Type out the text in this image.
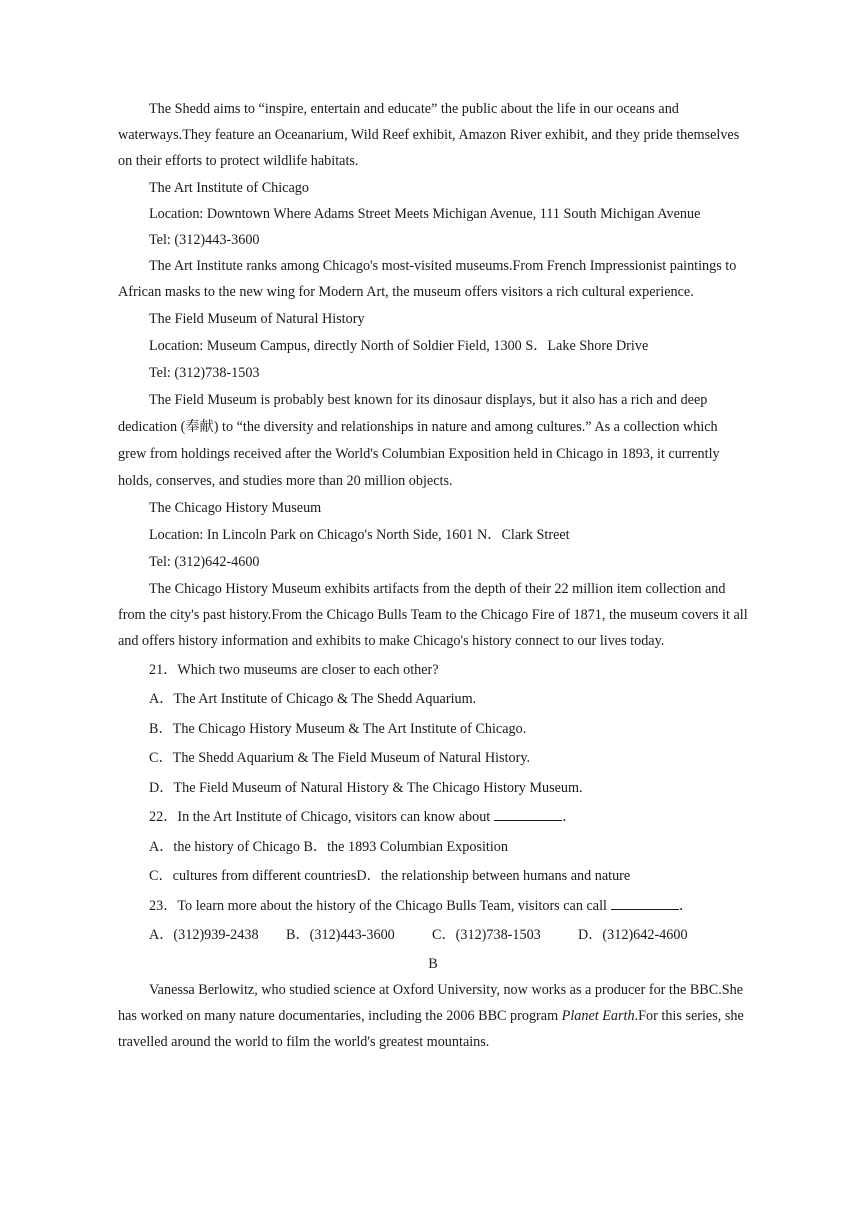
The Shedd aims to “inspire, entertain and educate” the public about the life in our oceans and waterways.They feature an Oceanarium, Wild Reef exhibit, Amazon River exhibit, and they pride themselves on their efforts to protect wildlife habitats.

The Art Institute of Chicago

Location: Downtown Where Adams Street Meets Michigan Avenue, 111 South Michigan Avenue

Tel: (312)443-3600

The Art Institute ranks among Chicago's most-visited museums.From French Impressionist paintings to African masks to the new wing for Modern Art, the museum offers visitors a rich cultural experience.

The Field Museum of Natural History

Location: Museum Campus, directly North of Soldier Field, 1300 S．Lake Shore Drive

Tel: (312)738-1503

The Field Museum is probably best known for its dinosaur displays, but it also has a rich and deep dedication (奉献) to “the diversity and relationships in nature and among cultures.” As a collection which grew from holdings received after the World's Columbian Exposition held in Chicago in 1893, it currently holds, conserves, and studies more than 20 million objects.

The Chicago History Museum

Location: In Lincoln Park on Chicago's North Side, 1601 N．Clark Street

Tel: (312)642-4600

The Chicago History Museum exhibits artifacts from the depth of their 22 million item collection and from the city's past history.From the Chicago Bulls Team to the Chicago Fire of 1871, the museum covers it all and offers history information and exhibits to make Chicago's history connect to our lives today.

21．Which two museums are closer to each other?

A．The Art Institute of Chicago & The Shedd Aquarium.

B．The Chicago History Museum & The Art Institute of Chicago.

C．The Shedd Aquarium & The Field Museum of Natural History.

D．The Field Museum of Natural History & The Chicago History Museum.

22．In the Art Institute of Chicago, visitors can know about	．

A．the history of Chicago B．the 1893 Columbian Exposition

C．cultures from different countriesD．the relationship between humans and nature

23．To learn more about the history of the Chicago Bulls Team, visitors can call	．

A．(312)939-2438	B．(312)443-3600	C．(312)738-1503	D．(312)642-4600

B

Vanessa Berlowitz, who studied science at Oxford University, now works as a producer for the BBC.She has worked on many nature documentaries, including the 2006 BBC program Planet Earth.For this series, she travelled around the world to film the world's greatest mountains.
